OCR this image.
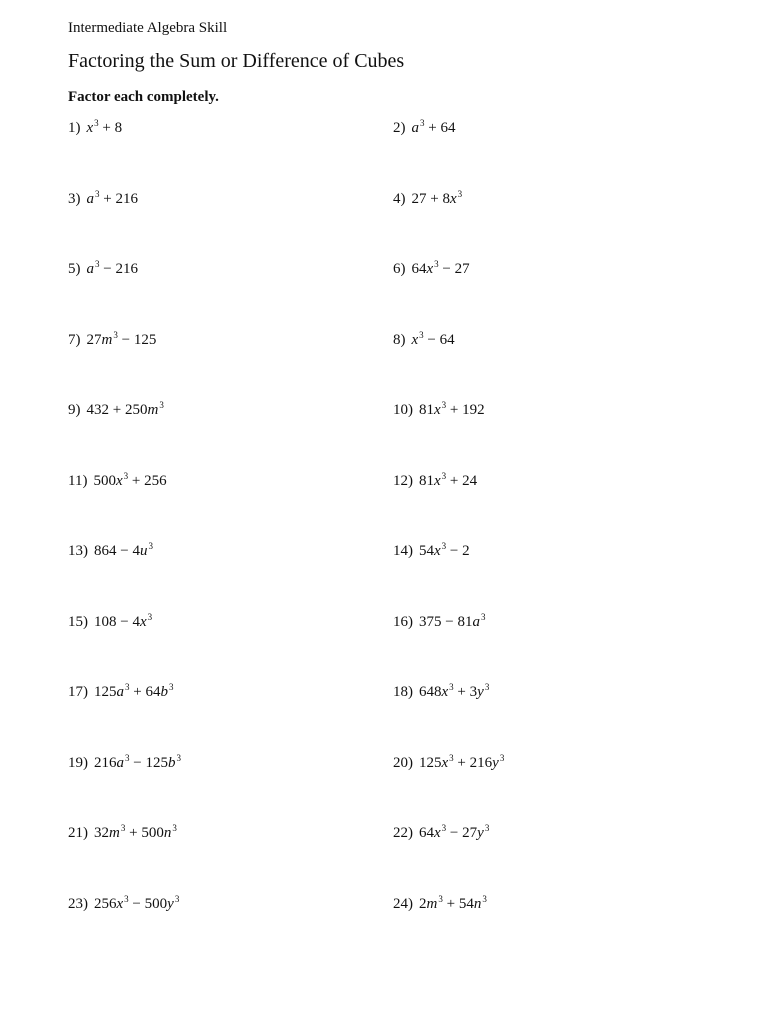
Intermediate Algebra Skill
Factoring the Sum or Difference of Cubes
Factor each completely.
1) $x^3 + 8$	2) $a^3 + 64$
3) $a^3 + 216$	4) $27 + 8x^3$
5) $a^3 - 216$	6) $64x^3 - 27$
7) $27m^3 - 125$	8) $x^3 - 64$
9) $432 + 250m^3$	10) $81x^3 + 192$
11) $500x^3 + 256$	12) $81x^3 + 24$
13) $864 - 4u^3$	14) $54x^3 - 2$
15) $108 - 4x^3$	16) $375 - 81a^3$
17) $125a^3 + 64b^3$	18) $648x^3 + 3y^3$
19) $216a^3 - 125b^3$	20) $125x^3 + 216y^3$
21) $32m^3 + 500n^3$	22) $64x^3 - 27y^3$
23) $256x^3 - 500y^3$	24) $2m^3 + 54n^3$
